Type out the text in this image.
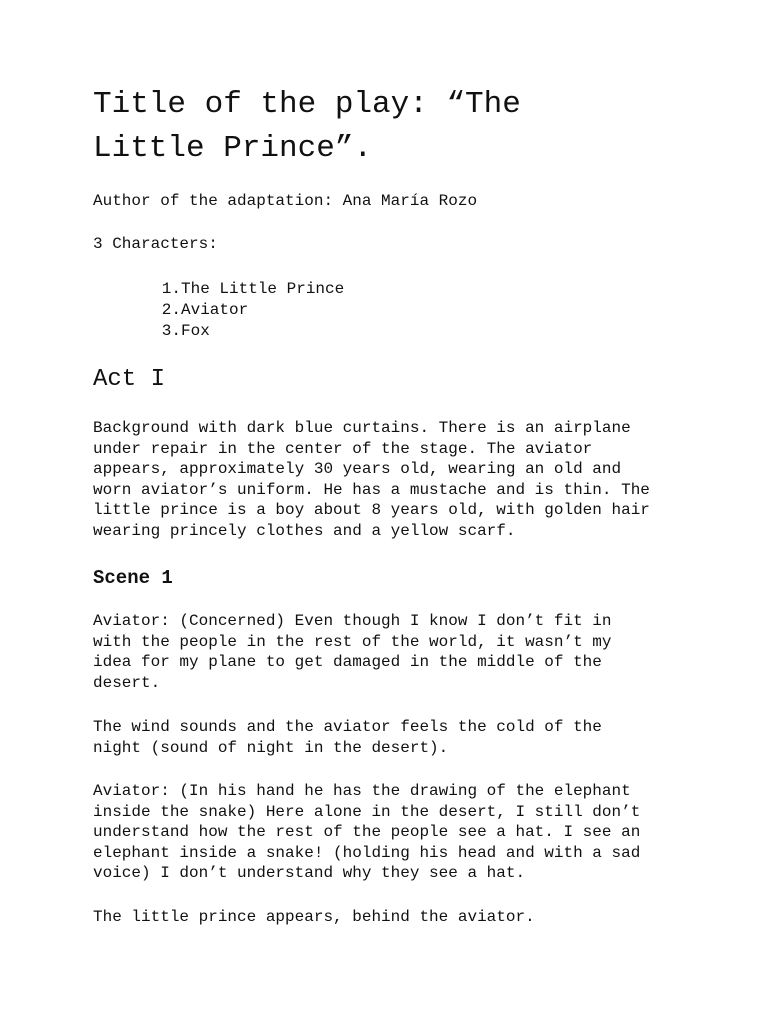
Title of the play: “The
Little Prince”.

Author of the adaptation: Ana María Rozo

3 Characters:

1. The Little Prince
2. Aviator
3. Fox
Act I
Background with dark blue curtains. There is an airplane
under repair in the center of the stage. The aviator
appears, approximately 30 years old, wearing an old and
worn aviator’s uniform. He has a mustache and is thin. The
little prince is a boy about 8 years old, with golden hair
wearing princely clothes and a yellow scarf.
Scene 1
Aviator: (Concerned) Even though I know I don’t fit in
with the people in the rest of the world, it wasn’t my
idea for my plane to get damaged in the middle of the
desert.
The wind sounds and the aviator feels the cold of the
night (sound of night in the desert).
Aviator: (In his hand he has the drawing of the elephant
inside the snake) Here alone in the desert, I still don’t
understand how the rest of the people see a hat. I see an
elephant inside a snake! (holding his head and with a sad
voice) I don’t understand why they see a hat.
The little prince appears, behind the aviator.
